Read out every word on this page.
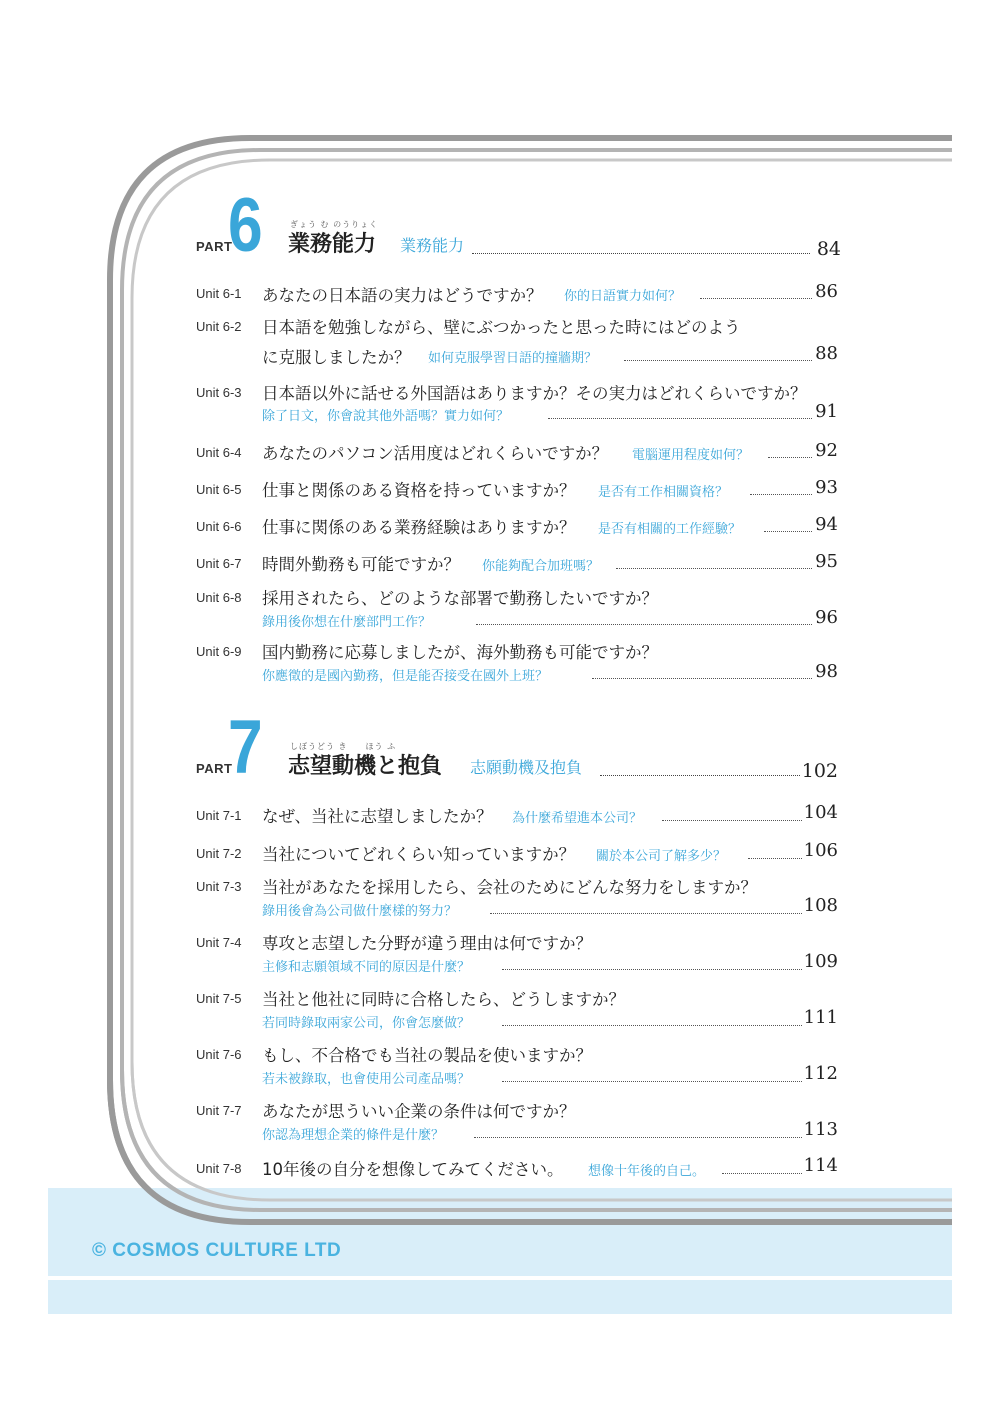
© COSMOS CULTURE LTD
PART
6	ぎょう む のうりょく
業務能力 業務能力	84
Unit 6-1 あなたの日本語の実力はどうですか？ 你的日語實力如何？	86
Unit 6-2 日本語を勉強しながら、壁にぶつかったと思った時にはどのよう
に克服しましたか？ 如何克服學習日語的撞牆期？	88
Unit 6-3 日本語以外に話せる外国語はありますか？その実力はどれくらいですか？
除了日文，你會說其他外語嗎？實力如何？	91
Unit 6-4 あなたのパソコン活用度はどれくらいですか？ 電腦運用程度如何？	92
Unit 6-5 仕事と関係のある資格を持っていますか？ 是否有工作相關資格？	93
Unit 6-6 仕事に関係のある業務経験はありますか？ 是否有相關的工作經驗？	94
Unit 6-7 時間外勤務も可能ですか？ 你能夠配合加班嗎？	95
Unit 6-8 採用されたら、どのような部署で勤務したいですか？
錄用後你想在什麼部門工作？	96
Unit 6-9 国内勤務に応募しましたが、海外勤務も可能ですか？
你應徵的是國內勤務，但是能否接受在國外上班？	98
PART
7	しぼうどう き　　ほう ふ
志望動機と抱負 志願動機及抱負	102
Unit 7-1 なぜ、当社に志望しましたか？ 為什麼希望進本公司？	104
Unit 7-2 当社についてどれくらい知っていますか？ 關於本公司了解多少？	106
Unit 7-3 当社があなたを採用したら、会社のためにどんな努力をしますか？
錄用後會為公司做什麼樣的努力？	108
Unit 7-4 専攻と志望した分野が違う理由は何ですか？
主修和志願領域不同的原因是什麼？	109
Unit 7-5 当社と他社に同時に合格したら、どうしますか？
若同時錄取兩家公司，你會怎麼做？	111
Unit 7-6 もし、不合格でも当社の製品を使いますか？
若未被錄取，也會使用公司產品嗎？	112
Unit 7-7 あなたが思ういい企業の条件は何ですか？
你認為理想企業的條件是什麼？	113
Unit 7-8 10年後の自分を想像してみてください。 想像十年後的自己。	114
